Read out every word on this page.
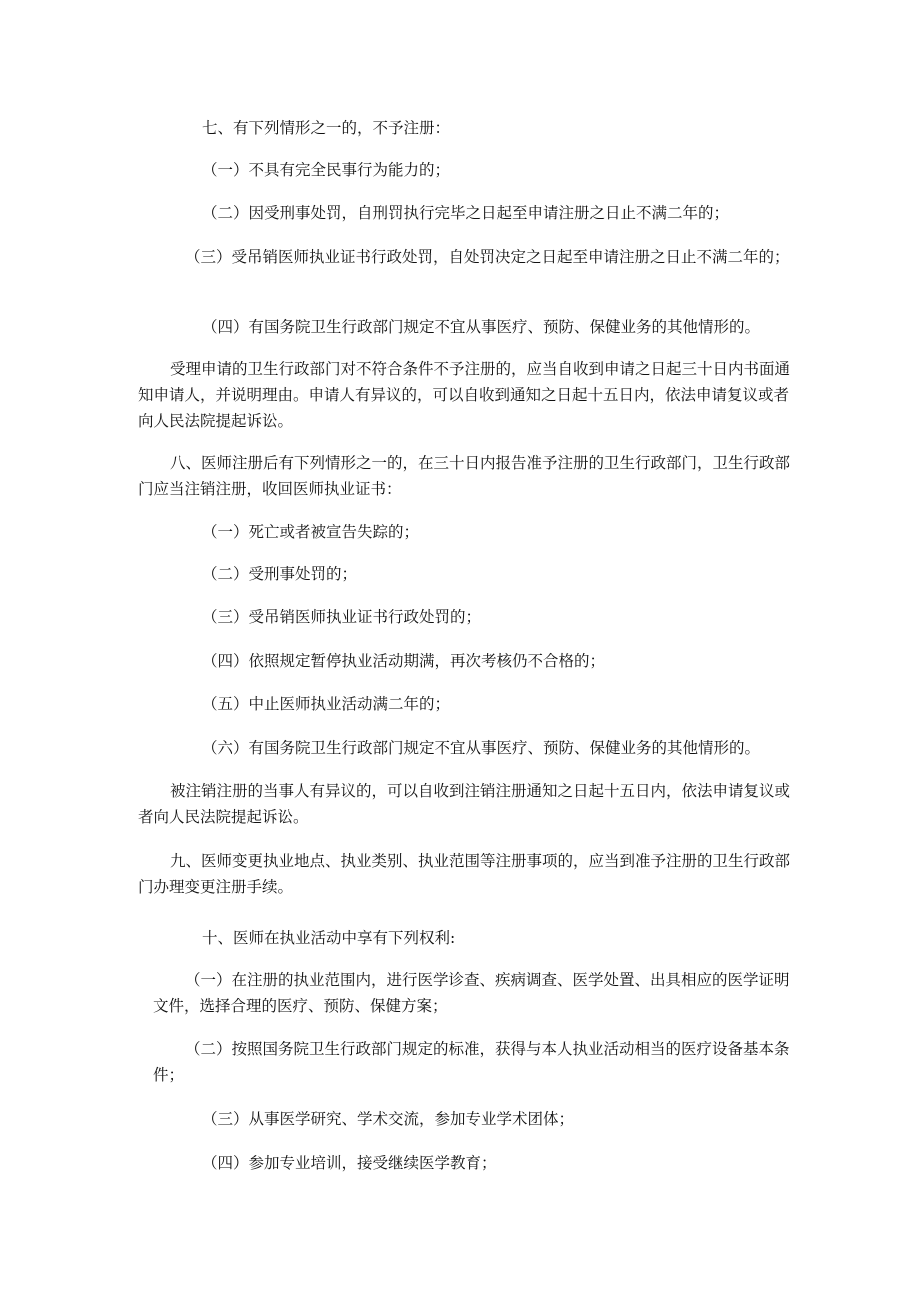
七、有下列情形之一的，不予注册：

（一）不具有完全民事行为能力的；

（二）因受刑事处罚，自刑罚执行完毕之日起至申请注册之日止不满二年的；

（三）受吊销医师执业证书行政处罚，自处罚决定之日起至申请注册之日止不满二年的；

（四）有国务院卫生行政部门规定不宜从事医疗、预防、保健业务的其他情形的。

受理申请的卫生行政部门对不符合条件不予注册的，应当自收到申请之日起三十日内书面通知申请人，并说明理由。申请人有异议的，可以自收到通知之日起十五日内，依法申请复议或者向人民法院提起诉讼。

八、医师注册后有下列情形之一的，在三十日内报告准予注册的卫生行政部门，卫生行政部门应当注销注册，收回医师执业证书：

（一）死亡或者被宣告失踪的；

（二）受刑事处罚的；

（三）受吊销医师执业证书行政处罚的；

（四）依照规定暂停执业活动期满，再次考核仍不合格的；

（五）中止医师执业活动满二年的；

（六）有国务院卫生行政部门规定不宜从事医疗、预防、保健业务的其他情形的。

被注销注册的当事人有异议的，可以自收到注销注册通知之日起十五日内，依法申请复议或者向人民法院提起诉讼。

九、医师变更执业地点、执业类别、执业范围等注册事项的，应当到准予注册的卫生行政部门办理变更注册手续。

十、医师在执业活动中享有下列权利:

（一）在注册的执业范围内，进行医学诊查、疾病调查、医学处置、出具相应的医学证明文件，选择合理的医疗、预防、保健方案；

（二）按照国务院卫生行政部门规定的标准，获得与本人执业活动相当的医疗设备基本条件；

（三）从事医学研究、学术交流，参加专业学术团体；

（四）参加专业培训，接受继续医学教育；
